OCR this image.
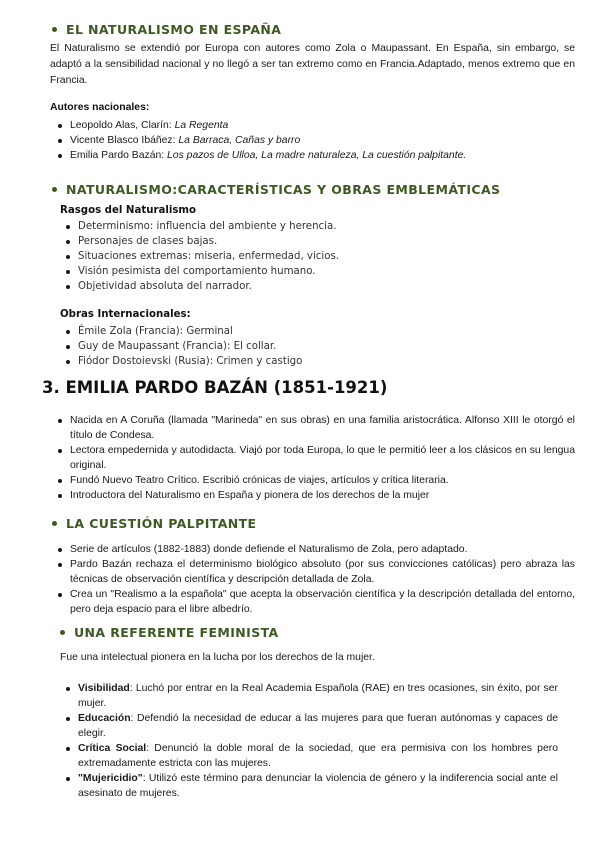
EL NATURALISMO EN ESPAÑA
El Naturalismo se extendió por Europa con autores como Zola o Maupassant. En España, sin embargo, se adaptó a la sensibilidad nacional y no llegó a ser tan extremo como en Francia.Adaptado, menos extremo que en Francia.
Autores nacionales:
Leopoldo Alas, Clarín: La Regenta
Vicente Blasco Ibáñez: La Barraca, Cañas y barro
Emilia Pardo Bazán: Los pazos de Ulloa, La madre naturaleza, La cuestión palpitante.
NATURALISMO:CARACTERÍSTICAS Y OBRAS EMBLEMÁTICAS
Rasgos del Naturalismo
Determinismo: influencia del ambiente y herencia.
Personajes de clases bajas.
Situaciones extremas: miseria, enfermedad, vicios.
Visión pesimista del comportamiento humano.
Objetividad absoluta del narrador.
Obras Internacionales:
Émile Zola (Francia): Germinal
Guy de Maupassant (Francia): El collar.
Fiódor Dostoievski (Rusia): Crimen y castigo
3. EMILIA PARDO BAZÁN (1851-1921)
Nacida en A Coruña (llamada "Marineda" en sus obras) en una familia aristocrática. Alfonso XIII le otorgó el título de Condesa.
Lectora empedernida y autodidacta. Viajó por toda Europa, lo que le permitió leer a los clásicos en su lengua original.
Fundó Nuevo Teatro Crítico. Escribió crónicas de viajes, artículos y crítica literaria.
Introductora del Naturalismo en España y pionera de los derechos de la mujer
LA CUESTIÓN PALPITANTE
Serie de artículos (1882-1883) donde defiende el Naturalismo de Zola, pero adaptado.
Pardo Bazán rechaza el determinismo biológico absoluto (por sus convicciones católicas) pero abraza las técnicas de observación científica y descripción detallada de Zola.
Crea un "Realismo a la española" que acepta la observación científica y la descripción detallada del entorno, pero deja espacio para el libre albedrío.
UNA REFERENTE FEMINISTA
Fue una intelectual pionera en la lucha por los derechos de la mujer.
Visibilidad: Luchó por entrar en la Real Academia Española (RAE) en tres ocasiones, sin éxito, por ser mujer.
Educación: Defendió la necesidad de educar a las mujeres para que fueran autónomas y capaces de elegir.
Crítica Social: Denunció la doble moral de la sociedad, que era permisiva con los hombres pero extremadamente estricta con las mujeres.
"Mujericidio": Utilizó este término para denunciar la violencia de género y la indiferencia social ante el asesinato de mujeres.
